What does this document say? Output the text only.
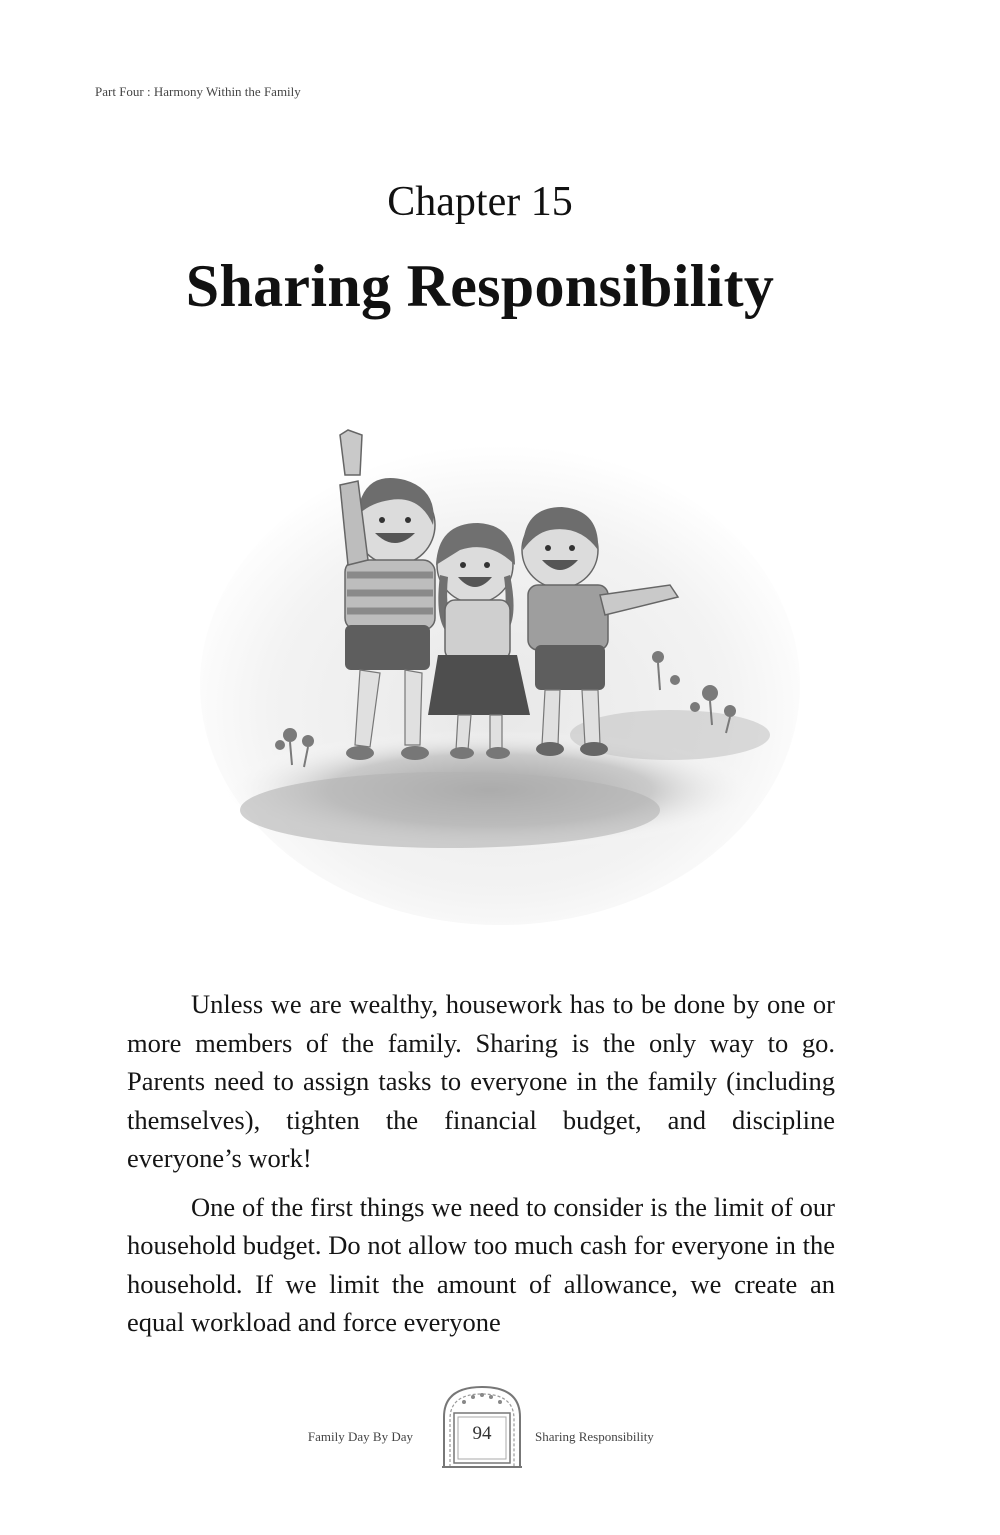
Part Four : Harmony Within the Family
Chapter 15
Sharing Responsibility

Unless we are wealthy, housework has to be done by one or more members of the family. Sharing is the only way to go. Parents need to assign tasks to everyone in the family (including themselves), tighten the financial budget, and discipline everyone’s work!

One of the first things we need to consider is the limit of our household budget. Do not allow too much cash for everyone in the household. If we limit the amount of allowance, we create an equal workload and force everyone

Family Day By Day	94	Sharing Responsibility
